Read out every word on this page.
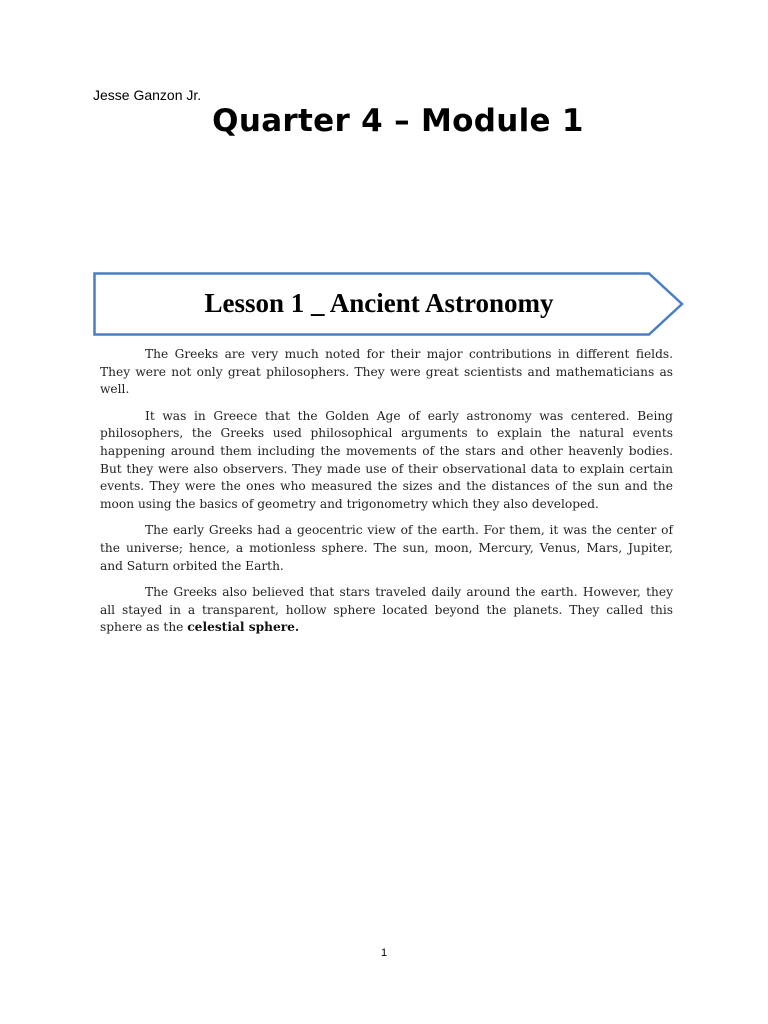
Jesse Ganzon Jr.
Quarter 4 – Module 1
Lesson 1 _ Ancient Astronomy

The Greeks are very much noted for their major contributions in different fields. They were not only great philosophers. They were great scientists and mathematicians as well.

It was in Greece that the Golden Age of early astronomy was centered. Being philosophers, the Greeks used philosophical arguments to explain the natural events happening around them including the movements of the stars and other heavenly bodies. But they were also observers. They made use of their observational data to explain certain events. They were the ones who measured the sizes and the distances of the sun and the moon using the basics of geometry and trigonometry which they also developed.

The early Greeks had a geocentric view of the earth. For them, it was the center of the universe; hence, a motionless sphere. The sun, moon, Mercury, Venus, Mars, Jupiter, and Saturn orbited the Earth.

The Greeks also believed that stars traveled daily around the earth. However, they all stayed in a transparent, hollow sphere located beyond the planets. They called this sphere as the celestial sphere.

1
